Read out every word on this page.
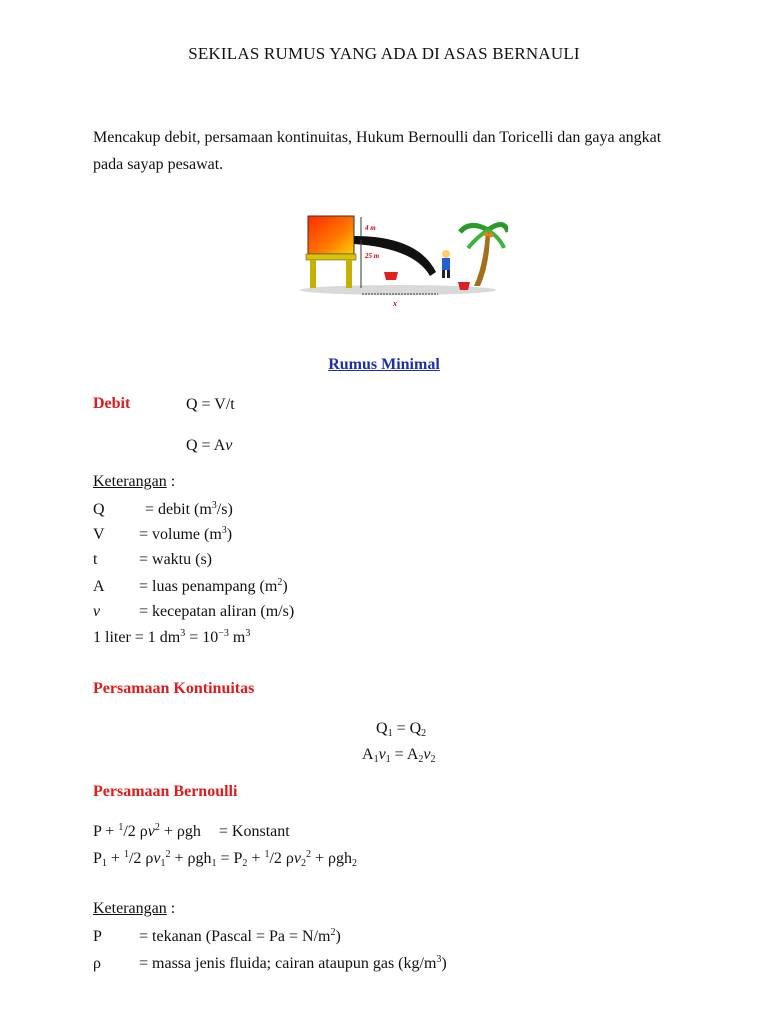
SEKILAS RUMUS YANG ADA DI ASAS BERNAULI
Mencakup debit, persamaan kontinuitas, Hukum Bernoulli dan Toricelli dan gaya angkat pada sayap pesawat.
4 m
25 m
x
Rumus Minimal
Debit	Q = V/t
Q = Av
Keterangan :
Q	= debit $(m^3/s)$
V = volume $(m^3)$
t	= waktu (s)
A = luas penampang $(m^2)$
v = kecepatan aliran (m/s)
1 liter = 1 $dm^3 = 10^{-3}$ $m^3$
Persamaan Kontinuitas
$Q_1 = Q_2$
$A_1v_1 = A_2v_2$
Persamaan Bernoulli
P + $^1$/2 $\rho v^2 + \rho gh$ = Konstant
$P_1 + ^1/2$ $\rho v_1^2 + \rho gh_1 = P_2 + ^1/2$ $\rho v_2^2 + \rho gh_2$
Keterangan :
P = tekanan (Pascal = $Pa = N/m^2$)
ρ = massa jenis fluida; cairan ataupun gas $(kg/m^3)$
